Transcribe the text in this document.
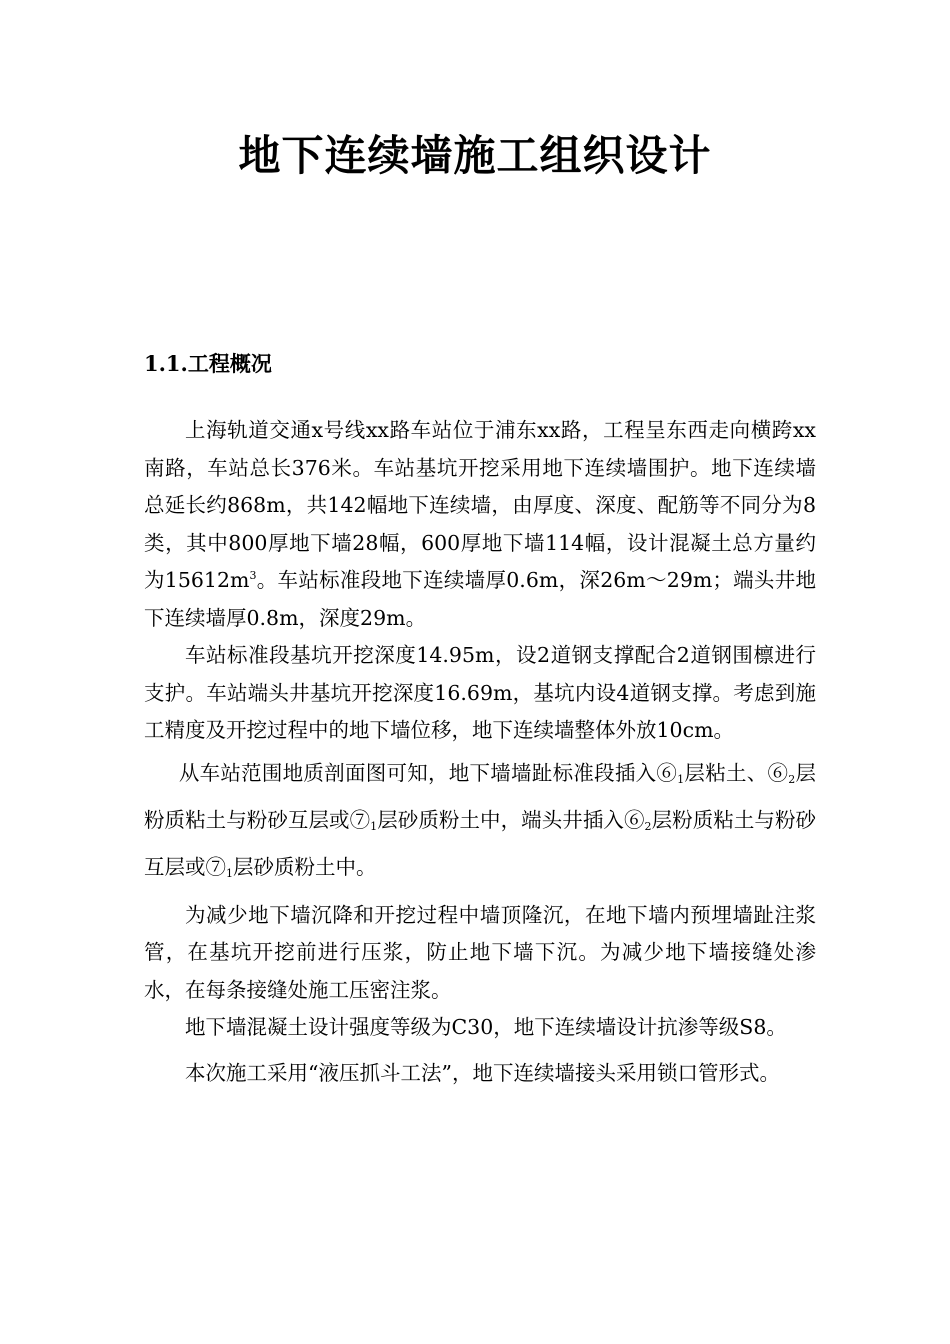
地下连续墙施工组织设计
1.1.工程概况

上海轨道交通x号线xx路车站位于浦东xx路，工程呈东西走向横跨xx南路，车站总长376米。车站基坑开挖采用地下连续墙围护。地下连续墙总延长约868m，共142幅地下连续墙，由厚度、深度、配筋等不同分为8类，其中800厚地下墙28幅，600厚地下墙114幅，设计混凝土总方量约为$15612m^3$。车站标准段地下连续墙厚0.6m，深26m～29m；端头井地下连续墙厚0.8m，深度29m。

车站标准段基坑开挖深度14.95m，设2道钢支撑配合2道钢围檩进行支护。车站端头井基坑开挖深度16.69m，基坑内设4道钢支撑。考虑到施工精度及开挖过程中的地下墙位移，地下连续墙整体外放10cm。

从车站范围地质剖面图可知，地下墙墙趾标准段插入$⑥_1$层粘土、$⑥_2$层粉质粘土与粉砂互层或$⑦_1$层砂质粉土中，端头井插入$⑥_2$层粉质粘土与粉砂互层或$⑦_1$层砂质粉土中。

为减少地下墙沉降和开挖过程中墙顶隆沉，在地下墙内预埋墙趾注浆管，在基坑开挖前进行压浆，防止地下墙下沉。为减少地下墙接缝处渗水，在每条接缝处施工压密注浆。

地下墙混凝土设计强度等级为C30，地下连续墙设计抗渗等级S8。

本次施工采用“液压抓斗工法”，地下连续墙接头采用锁口管形式。
